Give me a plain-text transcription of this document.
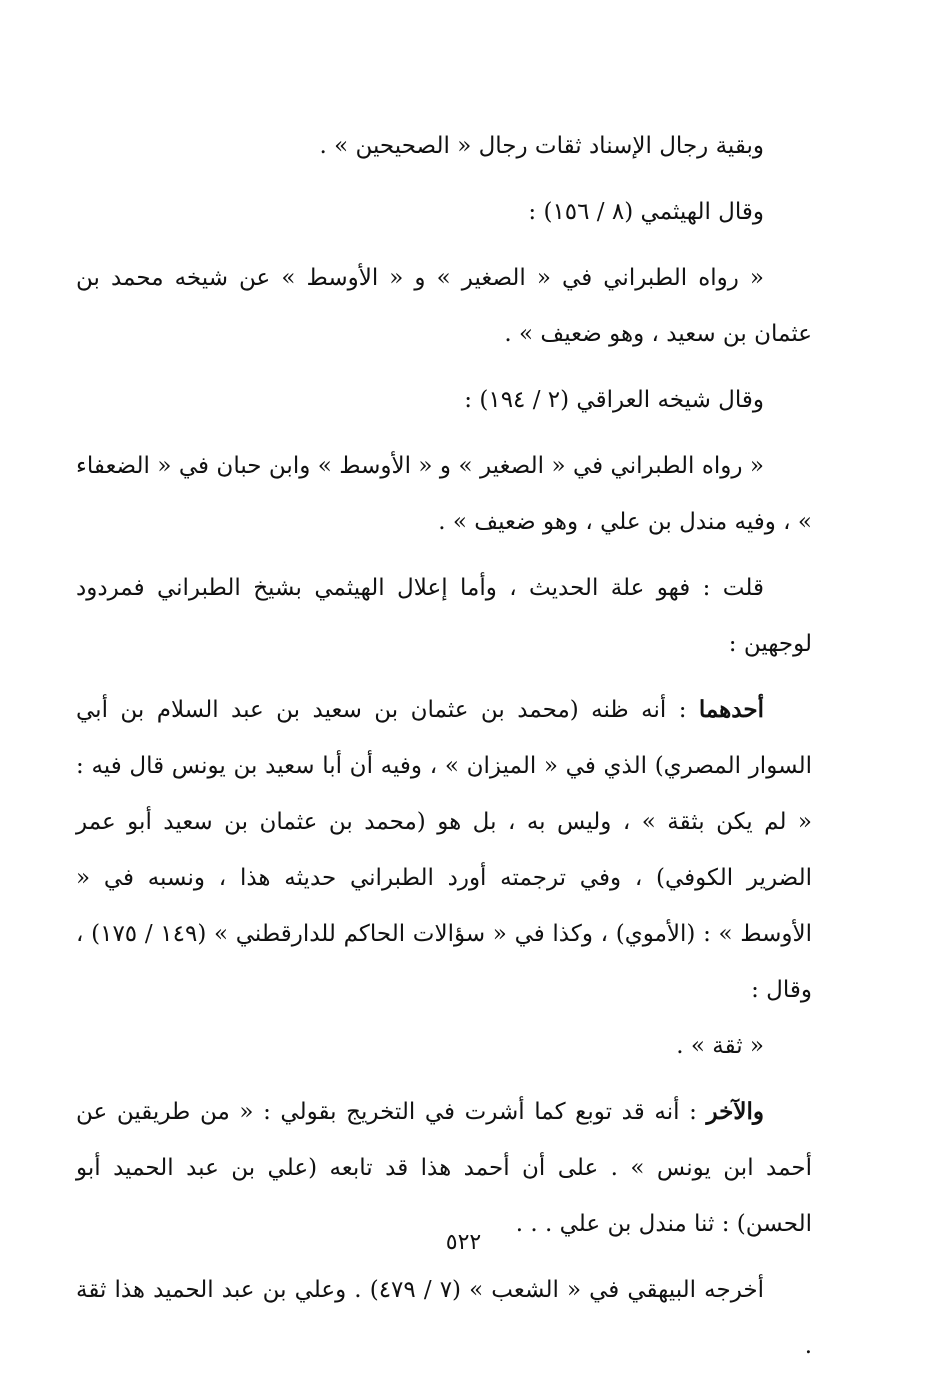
وبقية رجال الإسناد ثقات رجال « الصحيحين » .

وقال الهيثمي (٨ / ١٥٦) :

« رواه الطبراني في « الصغير » و « الأوسط » عن شيخه محمد بن عثمان بن سعيد ، وهو ضعيف » .

وقال شيخه العراقي (٢ / ١٩٤) :

« رواه الطبراني في « الصغير » و « الأوسط » وابن حبان في « الضعفاء » ، وفيه مندل بن علي ، وهو ضعيف » .

قلت : فهو علة الحديث ، وأما إعلال الهيثمي بشيخ الطبراني فمردود لوجهين :

أحدهما : أنه ظنه (محمد بن عثمان بن سعيد بن عبد السلام بن أبي السوار المصري) الذي في « الميزان » ، وفيه أن أبا سعيد بن يونس قال فيه : « لم يكن بثقة » ، وليس به ، بل هو (محمد بن عثمان بن سعيد أبو عمر الضرير الكوفي) ، وفي ترجمته أورد الطبراني حديثه هذا ، ونسبه في « الأوسط » : (الأموي) ، وكذا في « سؤالات الحاكم للدارقطني » (١٤٩ / ١٧٥) ، وقال :

« ثقة » .

والآخر : أنه قد توبع كما أشرت في التخريج بقولي : « من طريقين عن أحمد ابن يونس » . على أن أحمد هذا قد تابعه (علي بن عبد الحميد أبو الحسن) : ثنا مندل بن علي . . .

أخرجه البيهقي في « الشعب » (٧ / ٤٧٩) . وعلي بن عبد الحميد هذا ثقة .

٥٢٢
